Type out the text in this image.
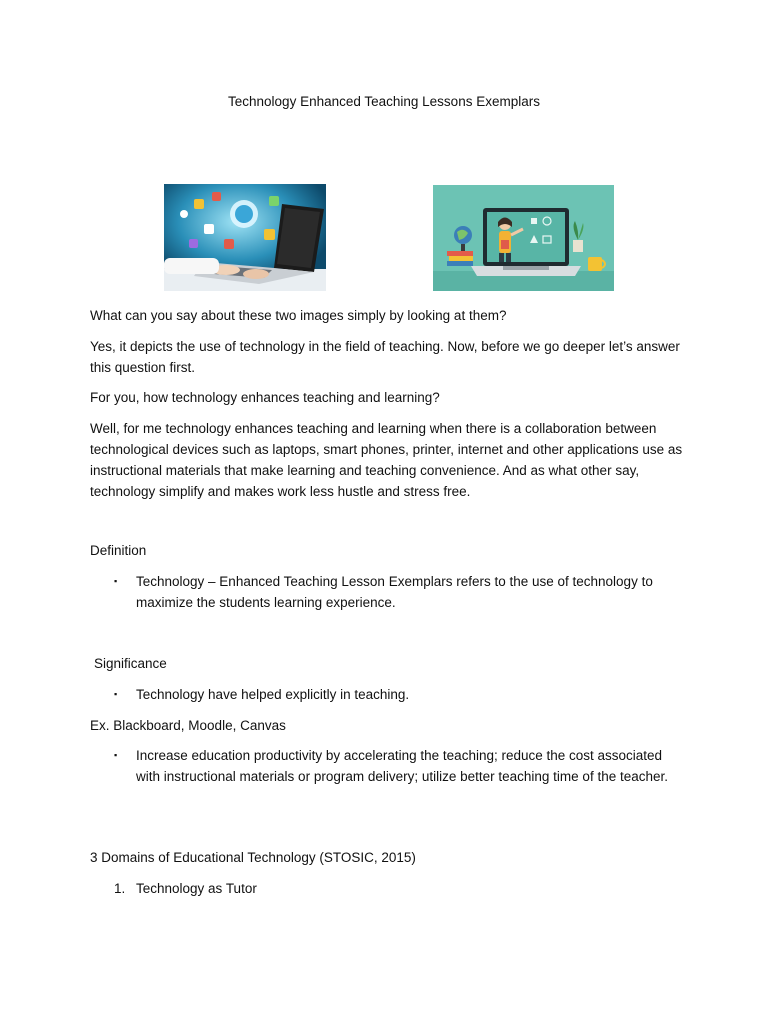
Technology Enhanced Teaching Lessons Exemplars
What can you say about these two images simply by looking at them?
Yes, it depicts the use of technology in the field of teaching. Now, before we go deeper let’s answer this question first.
For you, how technology enhances teaching and learning?
Well, for me technology enhances teaching and learning when there is a collaboration between technological devices such as laptops, smart phones, printer, internet and other applications use as instructional materials that make learning and teaching convenience. And as what other say, technology simplify and makes work less hustle and stress free.
Definition
▪ Technology – Enhanced Teaching Lesson Exemplars refers to the use of technology to maximize the students learning experience.
Significance
▪ Technology have helped explicitly in teaching.
Ex. Blackboard, Moodle, Canvas
▪ Increase education productivity by accelerating the teaching; reduce the cost associated with instructional materials or program delivery; utilize better teaching time of the teacher.
3 Domains of Educational Technology (STOSIC, 2015)
1. Technology as Tutor
